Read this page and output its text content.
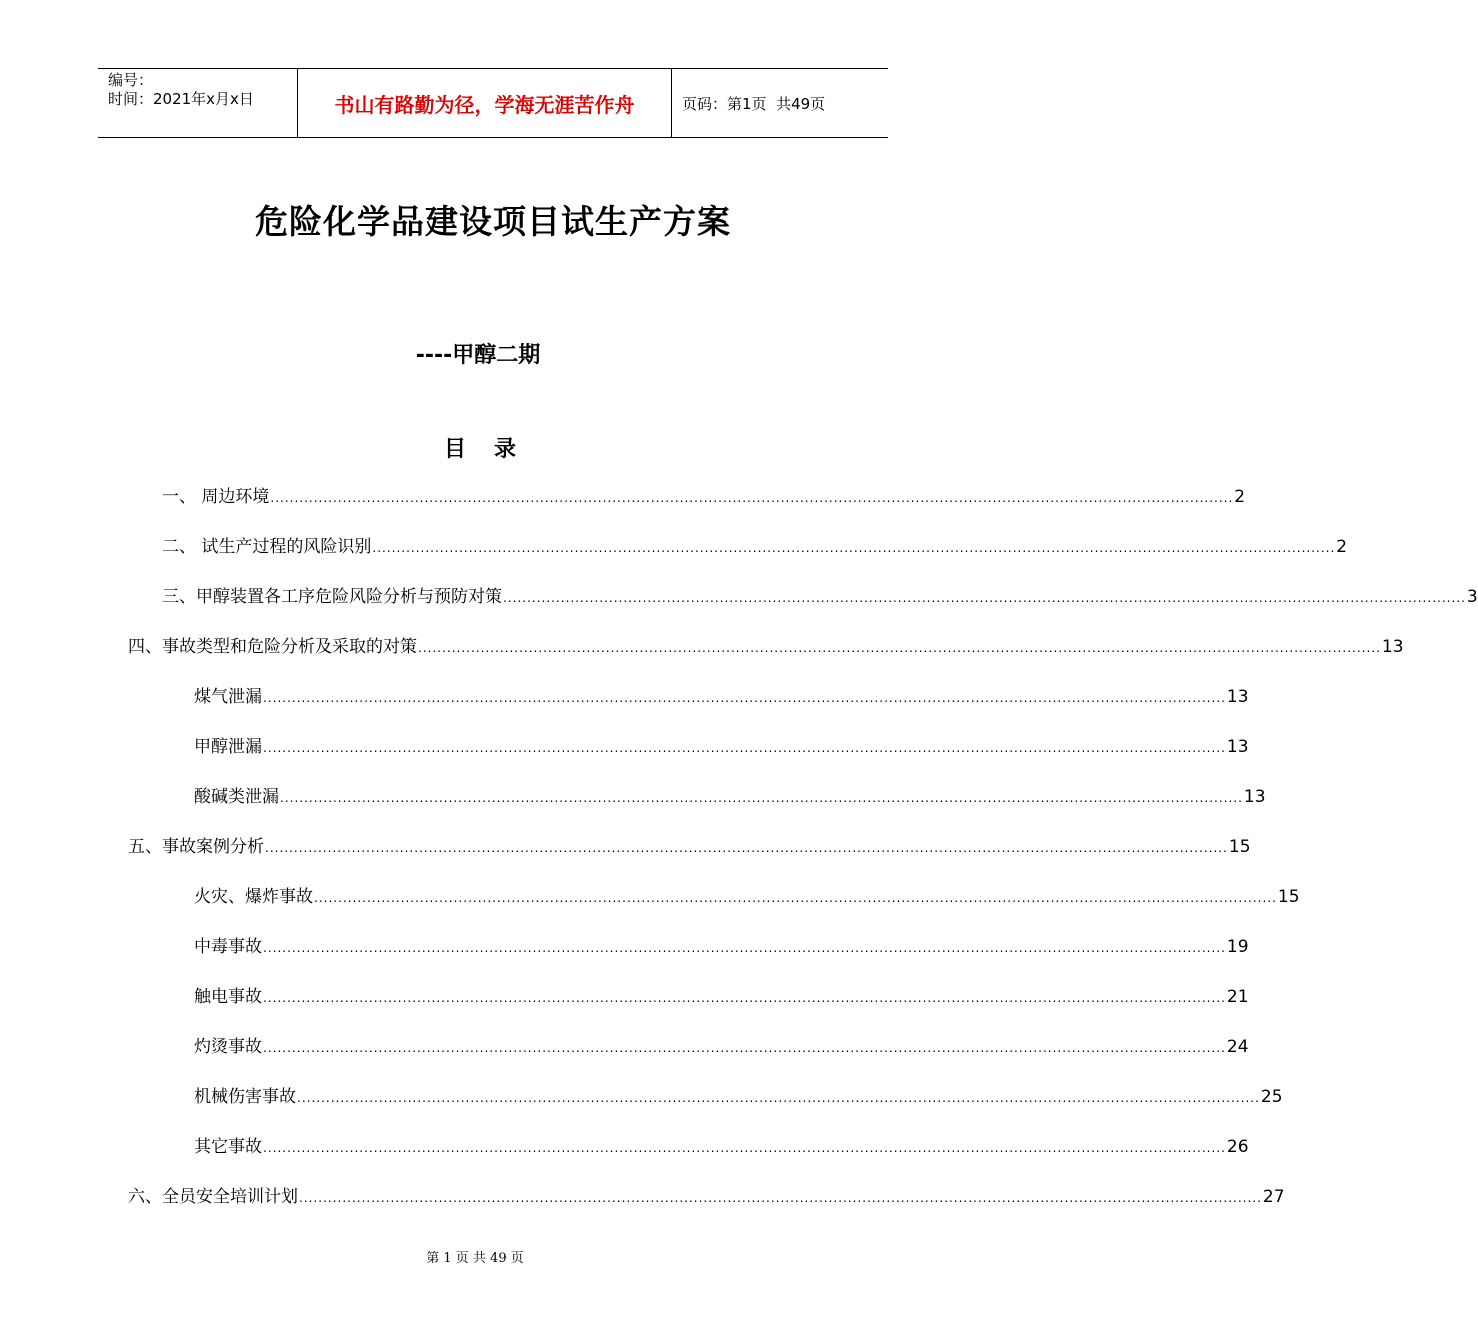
编号：
时间：2021年x月x日	书山有路勤为径，学海无涯苦作舟	页码：第1页  共49页
危险化学品建设项目试生产方案
----甲醇二期
目录
一、 周边环境 ........................................................................................................................................................................................................ 2
二、 试生产过程的风险识别 ........................................................................................................................................................................................................ 2
三、甲醇装置各工序危险风险分析与预防对策 ........................................................................................................................................................................................................ 3
四、事故类型和危险分析及采取的对策 ........................................................................................................................................................................................................ 13
煤气泄漏 ........................................................................................................................................................................................................ 13
甲醇泄漏 ........................................................................................................................................................................................................ 13
酸碱类泄漏 ........................................................................................................................................................................................................ 13
五、事故案例分析 ........................................................................................................................................................................................................ 15
火灾、爆炸事故 ........................................................................................................................................................................................................ 15
中毒事故 ........................................................................................................................................................................................................ 19
触电事故 ........................................................................................................................................................................................................ 21
灼烫事故 ........................................................................................................................................................................................................ 24
机械伤害事故 ........................................................................................................................................................................................................ 25
其它事故 ........................................................................................................................................................................................................ 26
六、全员安全培训计划 ........................................................................................................................................................................................................ 27
第 1 页 共 49 页
